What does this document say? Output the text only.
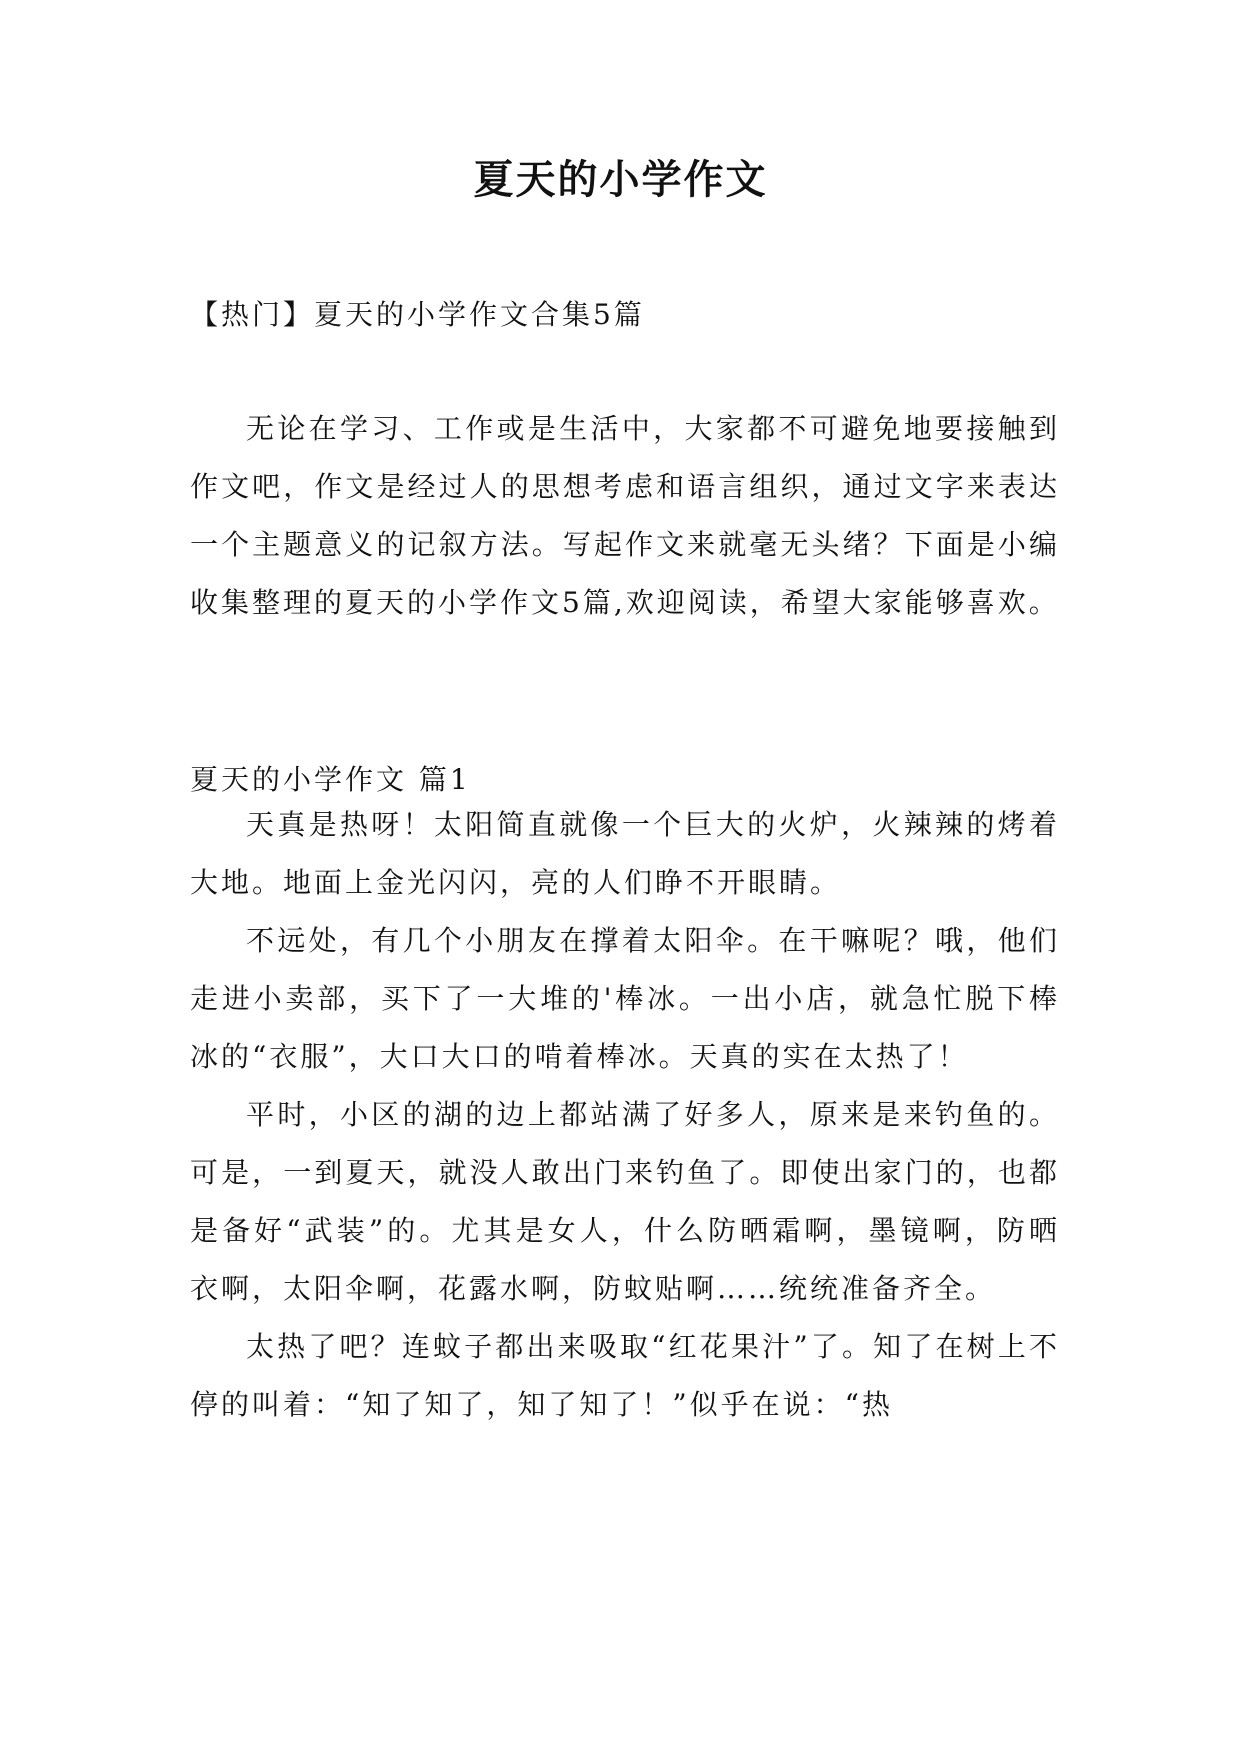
夏天的小学作文
【热门】夏天的小学作文合集5篇

无论在学习、工作或是生活中，大家都不可避免地要接触到作文吧，作文是经过人的思想考虑和语言组织，通过文字来表达一个主题意义的记叙方法。写起作文来就毫无头绪？下面是小编收集整理的夏天的小学作文5篇,欢迎阅读，希望大家能够喜欢。

夏天的小学作文 篇1

天真是热呀！太阳简直就像一个巨大的火炉，火辣辣的烤着大地。地面上金光闪闪，亮的人们睁不开眼睛。

不远处，有几个小朋友在撑着太阳伞。在干嘛呢？哦，他们走进小卖部，买下了一大堆的'棒冰。一出小店，就急忙脱下棒冰的“衣服”，大口大口的啃着棒冰。天真的实在太热了！

平时，小区的湖的边上都站满了好多人，原来是来钓鱼的。可是，一到夏天，就没人敢出门来钓鱼了。即使出家门的，也都是备好“武装”的。尤其是女人，什么防晒霜啊，墨镜啊，防晒衣啊，太阳伞啊，花露水啊，防蚊贴啊……统统准备齐全。

太热了吧？连蚊子都出来吸取“红花果汁”了。知了在树上不停的叫着：“知了知了，知了知了！”似乎在说：“热
